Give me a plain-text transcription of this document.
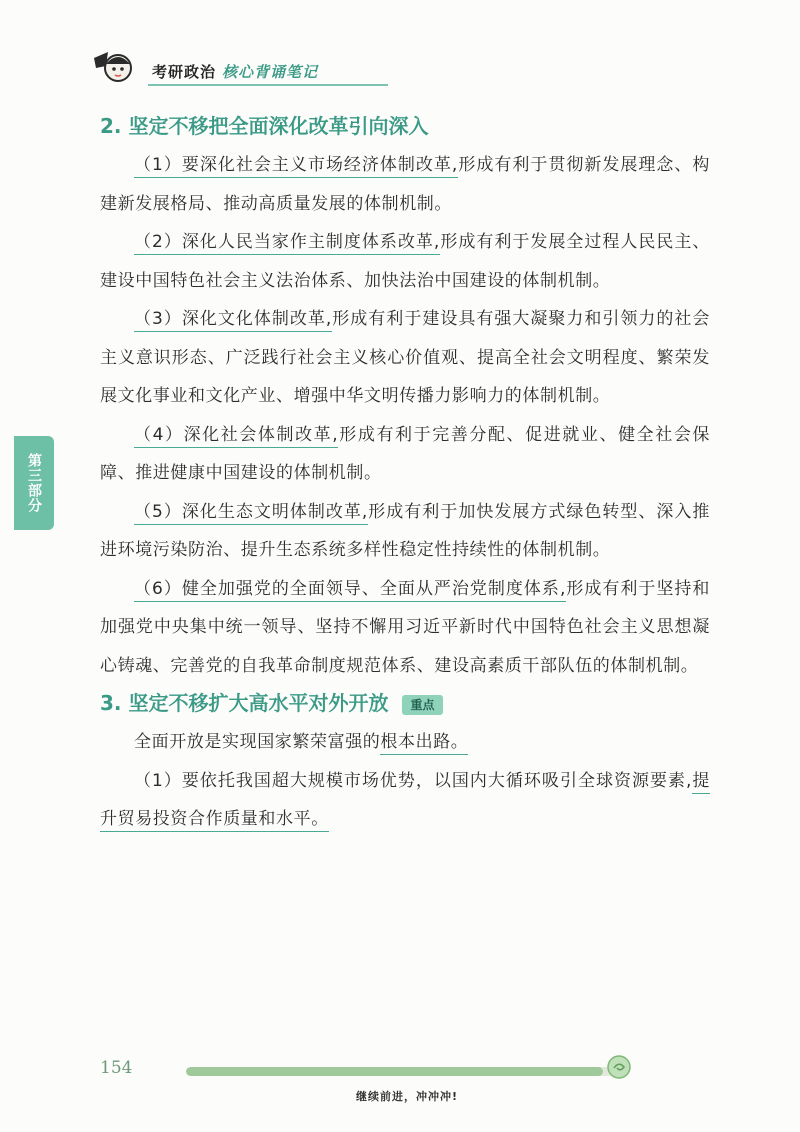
考研政治 核心背诵笔记
第三部分
2. 坚定不移把全面深化改革引向深入

（1）要深化社会主义市场经济体制改革,形成有利于贯彻新发展理念、构建新发展格局、推动高质量发展的体制机制。

（2）深化人民当家作主制度体系改革,形成有利于发展全过程人民民主、建设中国特色社会主义法治体系、加快法治中国建设的体制机制。

（3）深化文化体制改革,形成有利于建设具有强大凝聚力和引领力的社会主义意识形态、广泛践行社会主义核心价值观、提高全社会文明程度、繁荣发展文化事业和文化产业、增强中华文明传播力影响力的体制机制。

（4）深化社会体制改革,形成有利于完善分配、促进就业、健全社会保障、推进健康中国建设的体制机制。

（5）深化生态文明体制改革,形成有利于加快发展方式绿色转型、深入推进环境污染防治、提升生态系统多样性稳定性持续性的体制机制。

（6）健全加强党的全面领导、全面从严治党制度体系,形成有利于坚持和加强党中央集中统一领导、坚持不懈用习近平新时代中国特色社会主义思想凝心铸魂、完善党的自我革命制度规范体系、建设高素质干部队伍的体制机制。

3. 坚定不移扩大高水平对外开放 重点

全面开放是实现国家繁荣富强的根本出路。

（1）要依托我国超大规模市场优势，以国内大循环吸引全球资源要素,提升贸易投资合作质量和水平。

154
继续前进，冲冲冲!
